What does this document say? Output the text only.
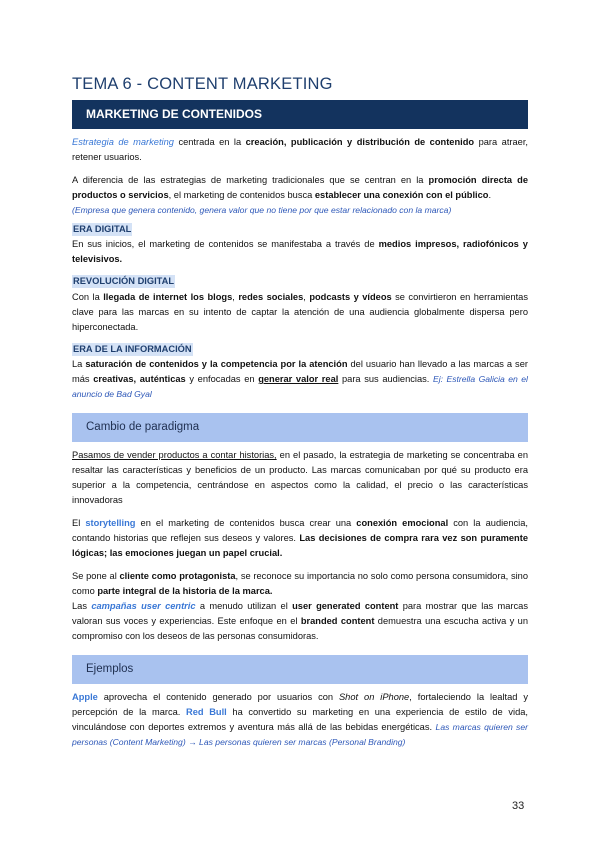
TEMA 6 - CONTENT MARKETING
MARKETING DE CONTENIDOS
Estrategia de marketing centrada en la creación, publicación y distribución de contenido para atraer, retener usuarios.
A diferencia de las estrategias de marketing tradicionales que se centran en la promoción directa de productos o servicios, el marketing de contenidos busca establecer una conexión con el público.
(Empresa que genera contenido, genera valor que no tiene por que estar relacionado con la marca)
ERA DIGITAL
En sus inicios, el marketing de contenidos se manifestaba a través de medios impresos, radiofónicos y televisivos.
REVOLUCIÓN DIGITAL
Con la llegada de internet los blogs, redes sociales, podcasts y vídeos se convirtieron en herramientas clave para las marcas en su intento de captar la atención de una audiencia globalmente dispersa pero hiperconectada.
ERA DE LA INFORMACIÓN
La saturación de contenidos y la competencia por la atención del usuario han llevado a las marcas a ser más creativas, auténticas y enfocadas en generar valor real para sus audiencias. Ej: Estrella Galicia en el anuncio de Bad Gyal
Cambio de paradigma
Pasamos de vender productos a contar historias, en el pasado, la estrategia de marketing se concentraba en resaltar las características y beneficios de un producto. Las marcas comunicaban por qué su producto era superior a la competencia, centrándose en aspectos como la calidad, el precio o las características innovadoras
El storytelling en el marketing de contenidos busca crear una conexión emocional con la audiencia, contando historias que reflejen sus deseos y valores. Las decisiones de compra rara vez son puramente lógicas; las emociones juegan un papel crucial.
Se pone al cliente como protagonista, se reconoce su importancia no solo como persona consumidora, sino como parte integral de la historia de la marca.
Las campañas user centric a menudo utilizan el user generated content para mostrar que las marcas valoran sus voces y experiencias. Este enfoque en el branded content demuestra una escucha activa y un compromiso con los deseos de las personas consumidoras.
Ejemplos
Apple aprovecha el contenido generado por usuarios con Shot on iPhone, fortaleciendo la lealtad y percepción de la marca. Red Bull ha convertido su marketing en una experiencia de estilo de vida, vinculándose con deportes extremos y aventura más allá de las bebidas energéticas. Las marcas quieren ser personas (Content Marketing) → Las personas quieren ser marcas (Personal Branding)
33
